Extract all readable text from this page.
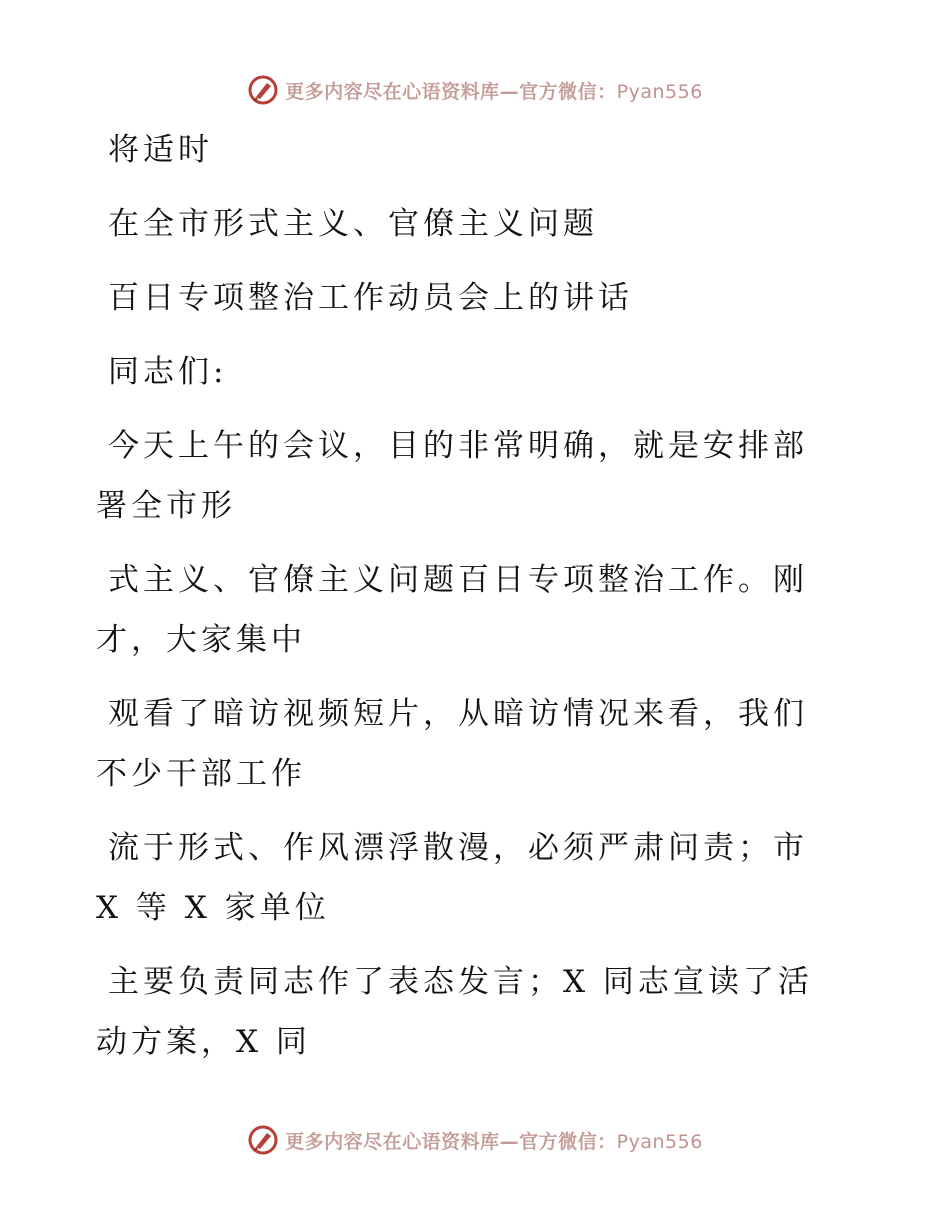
更多内容尽在心语资料库—官方微信：Pyan556

将适时

在全市形式主义、官僚主义问题

百日专项整治工作动员会上的讲话

同志们:

今天上午的会议，目的非常明确，就是安排部署全市形

式主义、官僚主义问题百日专项整治工作。刚才，大家集中

观看了暗访视频短片，从暗访情况来看，我们不少干部工作

流于形式、作风漂浮散漫，必须严肃问责；市 X 等 X 家单位

主要负责同志作了表态发言；X 同志宣读了活动方案，X 同

更多内容尽在心语资料库—官方微信：Pyan556
